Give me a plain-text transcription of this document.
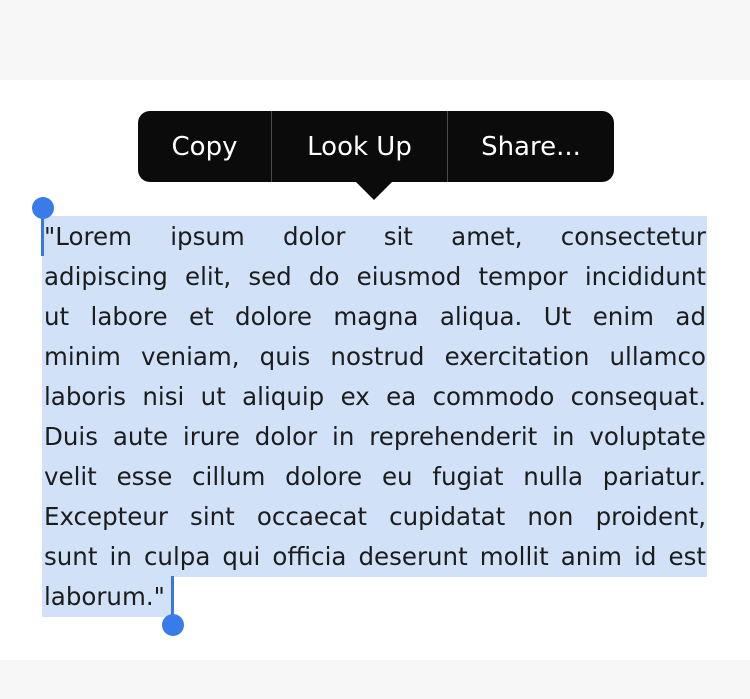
Copy	Look Up	Share...
"Lorem ipsum dolor sit amet, consectetur
adipiscing elit, sed do eiusmod tempor incididunt
ut labore et dolore magna aliqua. Ut enim ad
minim veniam, quis nostrud exercitation ullamco
laboris nisi ut aliquip ex ea commodo consequat.
Duis aute irure dolor in reprehenderit in voluptate
velit esse cillum dolore eu fugiat nulla pariatur.
Excepteur sint occaecat cupidatat non proident,
sunt in culpa qui officia deserunt mollit anim id est
laborum."
